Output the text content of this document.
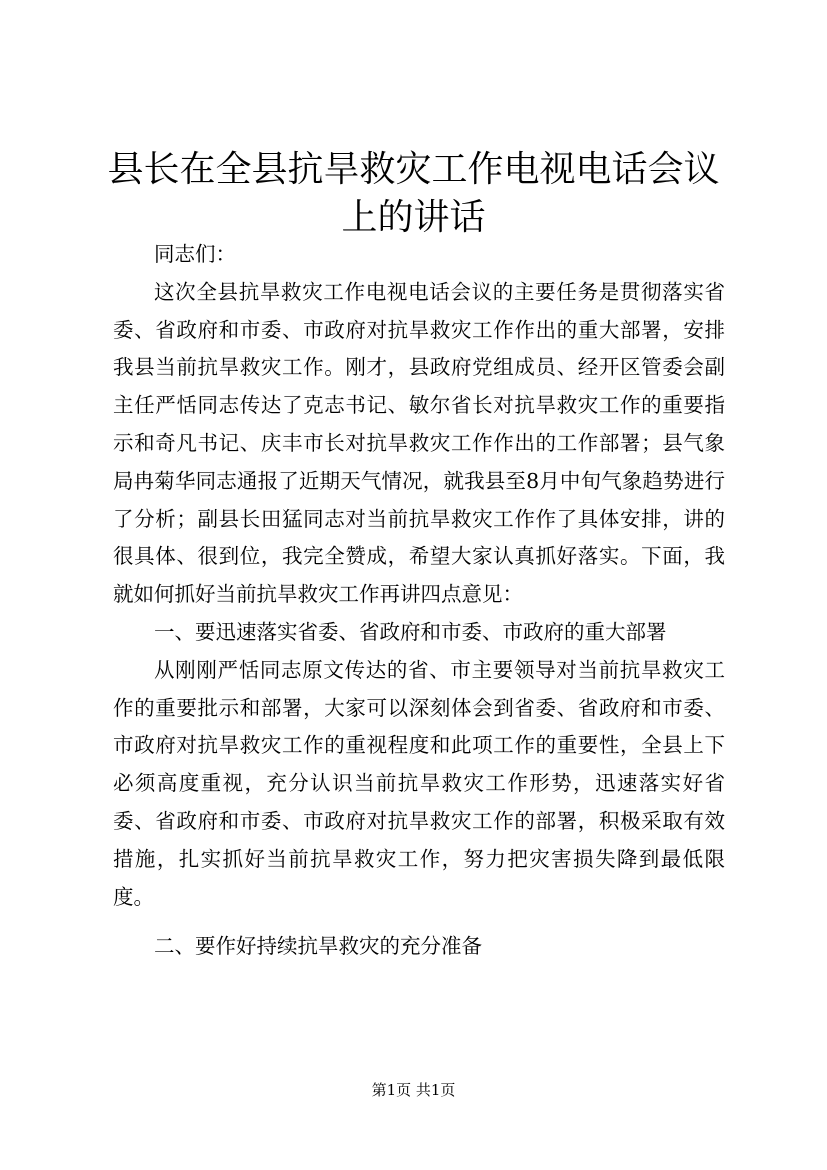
县长在全县抗旱救灾工作电视电话会议上的讲话

同志们：

这次全县抗旱救灾工作电视电话会议的主要任务是贯彻落实省委、省政府和市委、市政府对抗旱救灾工作作出的重大部署，安排我县当前抗旱救灾工作。刚才，县政府党组成员、经开区管委会副主任严恬同志传达了克志书记、敏尔省长对抗旱救灾工作的重要指示和奇凡书记、庆丰市长对抗旱救灾工作作出的工作部署；县气象局冉菊华同志通报了近期天气情况，就我县至8月中旬气象趋势进行了分析；副县长田猛同志对当前抗旱救灾工作作了具体安排，讲的很具体、很到位，我完全赞成，希望大家认真抓好落实。下面，我就如何抓好当前抗旱救灾工作再讲四点意见：

一、要迅速落实省委、省政府和市委、市政府的重大部署

从刚刚严恬同志原文传达的省、市主要领导对当前抗旱救灾工作的重要批示和部署，大家可以深刻体会到省委、省政府和市委、市政府对抗旱救灾工作的重视程度和此项工作的重要性，全县上下必须高度重视，充分认识当前抗旱救灾工作形势，迅速落实好省委、省政府和市委、市政府对抗旱救灾工作的部署，积极采取有效措施，扎实抓好当前抗旱救灾工作，努力把灾害损失降到最低限度。

二、要作好持续抗旱救灾的充分准备

第1页 共1页
